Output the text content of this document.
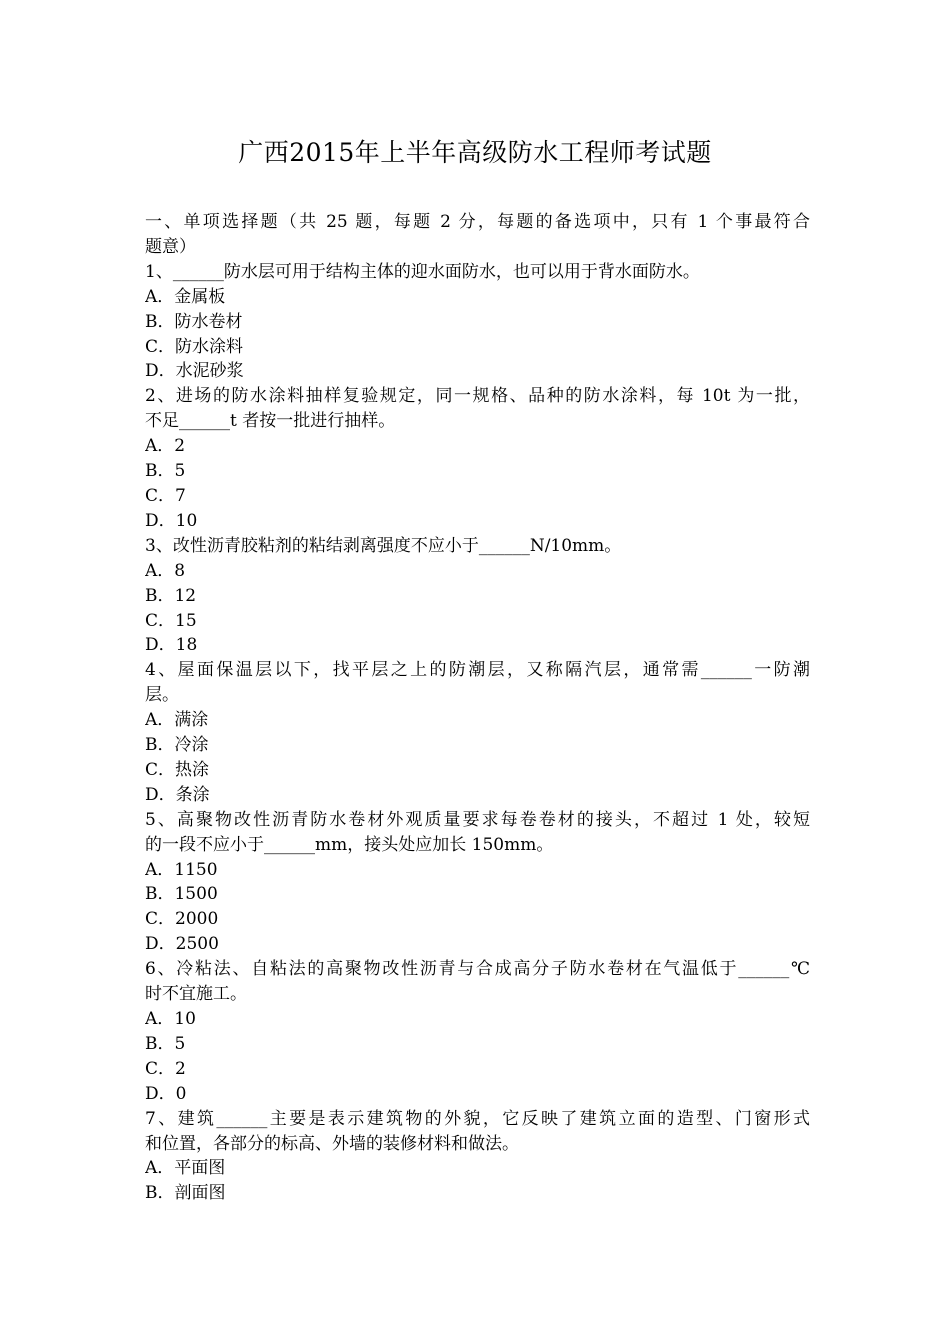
广西2015年上半年高级防水工程师考试题
一、单项选择题（共 25 题，每题 2 分，每题的备选项中，只有 1 个事最符合
题意）
1、______防水层可用于结构主体的迎水面防水，也可以用于背水面防水。
A．金属板
B．防水卷材
C．防水涂料
D．水泥砂浆
2、进场的防水涂料抽样复验规定，同一规格、品种的防水涂料，每 10t 为一批，
不足______t 者按一批进行抽样。
A．2
B．5
C．7
D．10
3、改性沥青胶粘剂的粘结剥离强度不应小于______N/10mm。
A．8
B．12
C．15
D．18
4、屋面保温层以下，找平层之上的防潮层，又称隔汽层，通常需______一防潮
层。
A．满涂
B．冷涂
C．热涂
D．条涂
5、高聚物改性沥青防水卷材外观质量要求每卷卷材的接头，不超过 1 处，较短
的一段不应小于______mm，接头处应加长 150mm。
A．1150
B．1500
C．2000
D．2500
6、冷粘法、自粘法的高聚物改性沥青与合成高分子防水卷材在气温低于______℃
时不宜施工。
A．10
B．5
C．2
D．0
7、建筑______主要是表示建筑物的外貌，它反映了建筑立面的造型、门窗形式
和位置，各部分的标高、外墙的装修材料和做法。
A．平面图
B．剖面图
